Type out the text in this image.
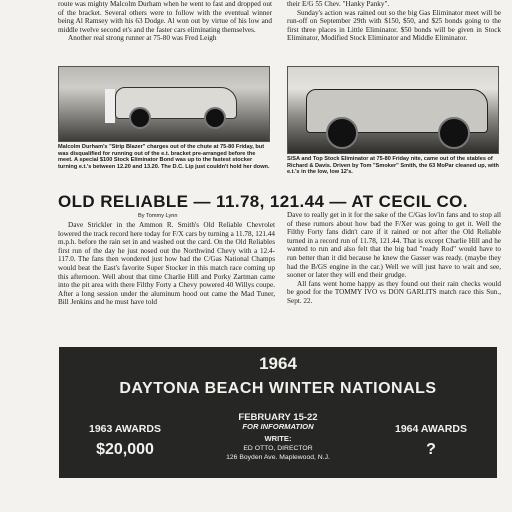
route was mighty Malcolm Durham when he went to fast and dropped out of the bracket. Several others were to follow with the eventual winner being Al Ramsey with his 63 Dodge. Al won out by virtue of his low and middle twelve second et's and the faster cars eliminating themselves.

Another real strong runner at 75-80 was Fred Leigh

their E/G 55 Chev. "Hanky Panky".

Sunday's action was rained out so the big Gas Eliminator meet will be run-off on September 29th with $150, $50, and $25 bonds going to the first three places in Little Eliminator. $50 bonds will be given in Stock Eliminator, Modified Stock Eliminator and Middle Eliminator.

Malcolm Durham's "Strip Blazer" charges out of the chute at 75-80 Friday, but was disqualified for running out of the e.t. bracket pre-arranged before the meet. A special $100 Stock Eliminator Bond was up to the fastest stocker turning e.t.'s between 12.20 and 13.20. The D.C. Lip just couldn't hold her down.
S/SA and Top Stock Eliminator at 75-80 Friday nite, came out of the stables of Richard & Davis. Driven by Tom "Smoker" Smith, the 63 MoPar cleaned up, with e.t.'s in the low, low 12's.
OLD RELIABLE — 11.78, 121.44 — AT CECIL CO.
By Tommy Lynn

Dave Strickler in the Ammon R. Smith's Old Reliable Chevrolet lowered the track record here today for F/X cars by turning a 11.78, 121.44 m.p.h. before the rain set in and washed out the card. On the Old Reliables first run of the day he just nosed out the Northwind Chevy with a 12.4-117.0. The fans then wondered just how bad the C/Gas National Champs would beat the East's favorite Super Stocker in this match race coming up this afternoon. Well about that time Charlie Hill and Porky Zartman came into the pit area with there Filthy Forty a Chevy powered 40 Willys coupe. After a long session under the aluminum hood out came the Mad Tuner, Bill Jenkins and he must have told

Dave to really get in it for the sake of the C/Gas lov'in fans and to stop all of these rumors about how bad the F/Xer was going to get it. Well the Filthy Forty fans didn't care if it rained or not after the Old Reliable turned in a record run of 11.78, 121.44. That is except Charlie Hill and he wanted to run and also felt that the big bad "ready Rod" would have to run better than it did because he knew the Gasser was ready. (maybe they had the B/GS engine in the car.) Well we will just have to wait and see, sooner or later they will end their grudge.

All fans went home happy as they found out their rain checks would be good for the TOMMY IVO vs DON GARLITS match race this Sun., Sept. 22.

1964
DAYTONA BEACH WINTER NATIONALS
1963 AWARDS
$20,000
FEBRUARY 15-22
FOR INFORMATION
WRITE:
ED OTTO, DIRECTOR
126 Boyden Ave. Maplewood, N.J.
1964 AWARDS
?
